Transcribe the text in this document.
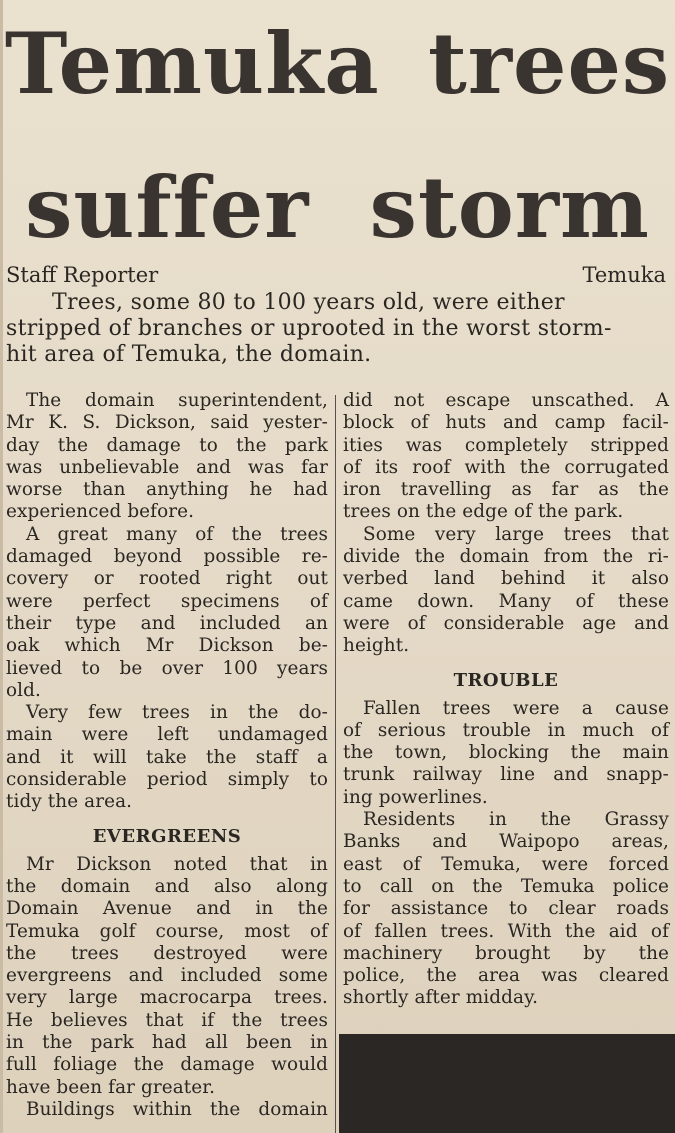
Temuka trees
suffer storm
Staff Reporter	Temuka
Trees, some 80 to 100 years old, were either
stripped of branches or uprooted in the worst storm-
hit area of Temuka, the domain.
The domain superintendent,
Mr K. S. Dickson, said yester-
day the damage to the park
was unbelievable and was far
worse than anything he had
experienced before.
A great many of the trees
damaged beyond possible re-
covery or rooted right out
were perfect specimens of
their type and included an
oak which Mr Dickson be-
lieved to be over 100 years
old.
Very few trees in the do-
main were left undamaged
and it will take the staff a
considerable period simply to
tidy the area.
EVERGREENS
Mr Dickson noted that in
the domain and also along
Domain Avenue and in the
Temuka golf course, most of
the trees destroyed were
evergreens and included some
very large macrocarpa trees.
He believes that if the trees
in the park had all been in
full foliage the damage would
have been far greater.
Buildings within the domain
did not escape unscathed. A
block of huts and camp facil-
ities was completely stripped
of its roof with the corrugated
iron travelling as far as the
trees on the edge of the park.
Some very large trees that
divide the domain from the ri-
verbed land behind it also
came down. Many of these
were of considerable age and
height.
TROUBLE
Fallen trees were a cause
of serious trouble in much of
the town, blocking the main
trunk railway line and snapp-
ing powerlines.
Residents in the Grassy
Banks and Waipopo areas,
east of Temuka, were forced
to call on the Temuka police
for assistance to clear roads
of fallen trees. With the aid of
machinery brought by the
police, the area was cleared
shortly after midday.
